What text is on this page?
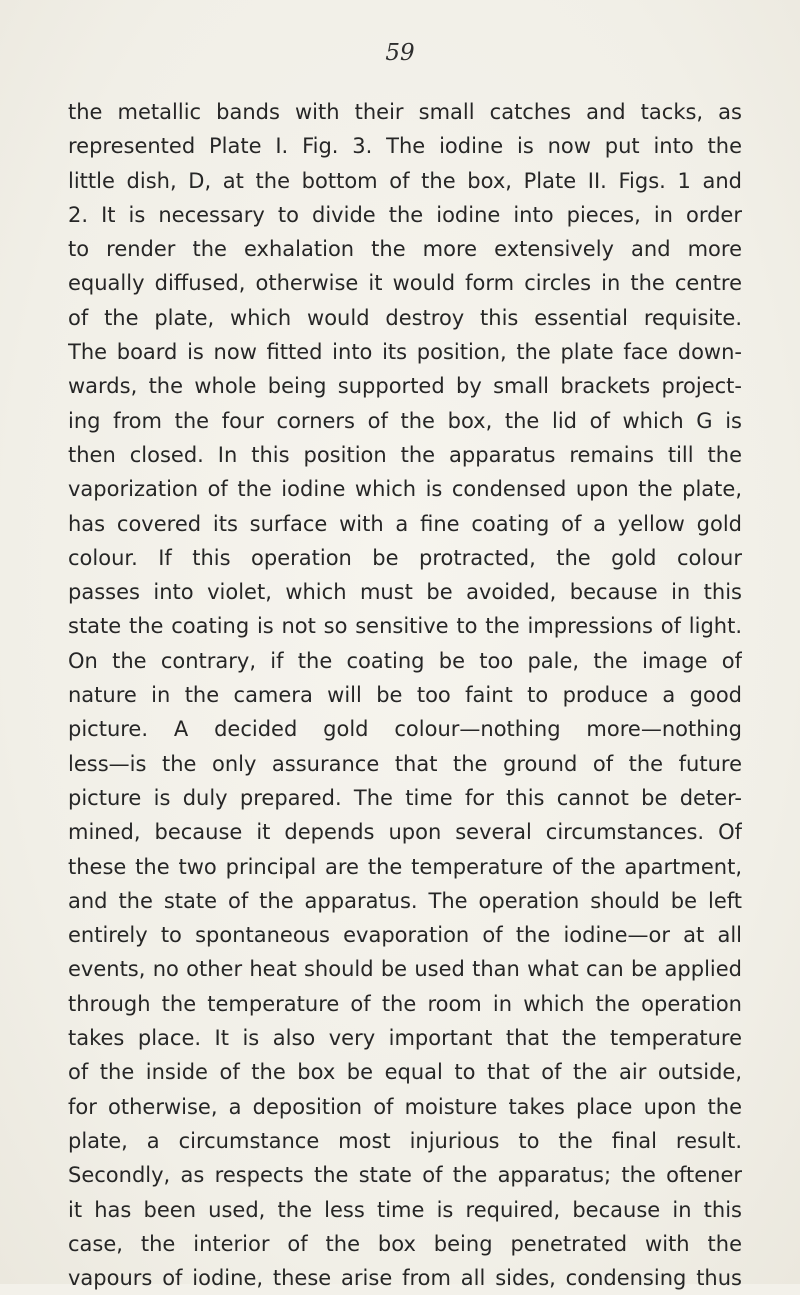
59
the metallic bands with their small catches and tacks, as
represented Plate I. Fig. 3. The iodine is now put into the
little dish, D, at the bottom of the box, Plate II. Figs. 1 and
2. It is necessary to divide the iodine into pieces, in order
to render the exhalation the more extensively and more
equally diffused, otherwise it would form circles in the centre
of the plate, which would destroy this essential requisite.
The board is now fitted into its position, the plate face down-
wards, the whole being supported by small brackets project-
ing from the four corners of the box, the lid of which G is
then closed. In this position the apparatus remains till the
vaporization of the iodine which is condensed upon the plate,
has covered its surface with a fine coating of a yellow gold
colour. If this operation be protracted, the gold colour
passes into violet, which must be avoided, because in this
state the coating is not so sensitive to the impressions of light.
On the contrary, if the coating be too pale, the image of
nature in the camera will be too faint to produce a good
picture. A decided gold colour—nothing more—nothing
less—is the only assurance that the ground of the future
picture is duly prepared. The time for this cannot be deter-
mined, because it depends upon several circumstances. Of
these the two principal are the temperature of the apartment,
and the state of the apparatus. The operation should be left
entirely to spontaneous evaporation of the iodine—or at all
events, no other heat should be used than what can be applied
through the temperature of the room in which the operation
takes place. It is also very important that the temperature
of the inside of the box be equal to that of the air outside,
for otherwise, a deposition of moisture takes place upon the
plate, a circumstance most injurious to the final result.
Secondly, as respects the state of the apparatus; the oftener
it has been used, the less time is required, because in this
case, the interior of the box being penetrated with the
vapours of iodine, these arise from all sides, condensing thus
